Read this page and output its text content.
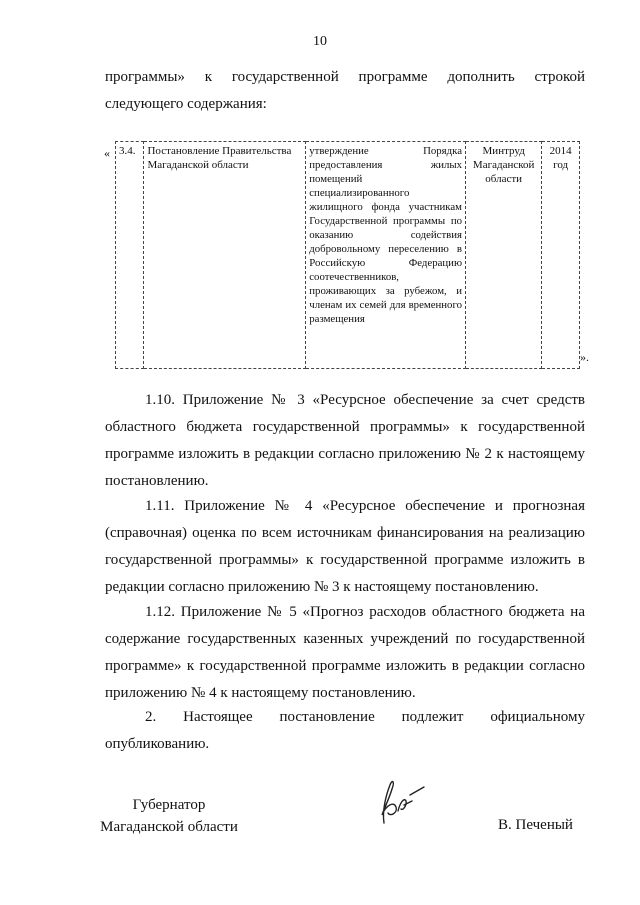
10
программы» к государственной программе дополнить строкой следующего содержания:
« 3.4.	Постановление Правительства Магаданской области	утверждение Порядка предоставления жилых помещений специализированного жилищного фонда участникам Государственной программы по оказанию содействия добровольному переселению в Российскую Федерацию соотечественников, проживающих за рубежом, и членам их семей для временного размещения	Минтруд Магаданской области	2014 год
».
1.10. Приложение № 3 «Ресурсное обеспечение за счет средств областного бюджета государственной программы» к государственной программе изложить в редакции согласно приложению № 2 к настоящему постановлению.
1.11. Приложение № 4 «Ресурсное обеспечение и прогнозная (справочная) оценка по всем источникам финансирования на реализацию государственной программы» к государственной программе изложить в редакции согласно приложению № 3 к настоящему постановлению.
1.12. Приложение № 5 «Прогноз расходов областного бюджета на содержание государственных казенных учреждений по государственной программе» к государственной программе изложить в редакции согласно приложению № 4 к настоящему постановлению.
2. Настоящее постановление подлежит официальному опубликованию.
Губернатор Магаданской области	В. Печеный
